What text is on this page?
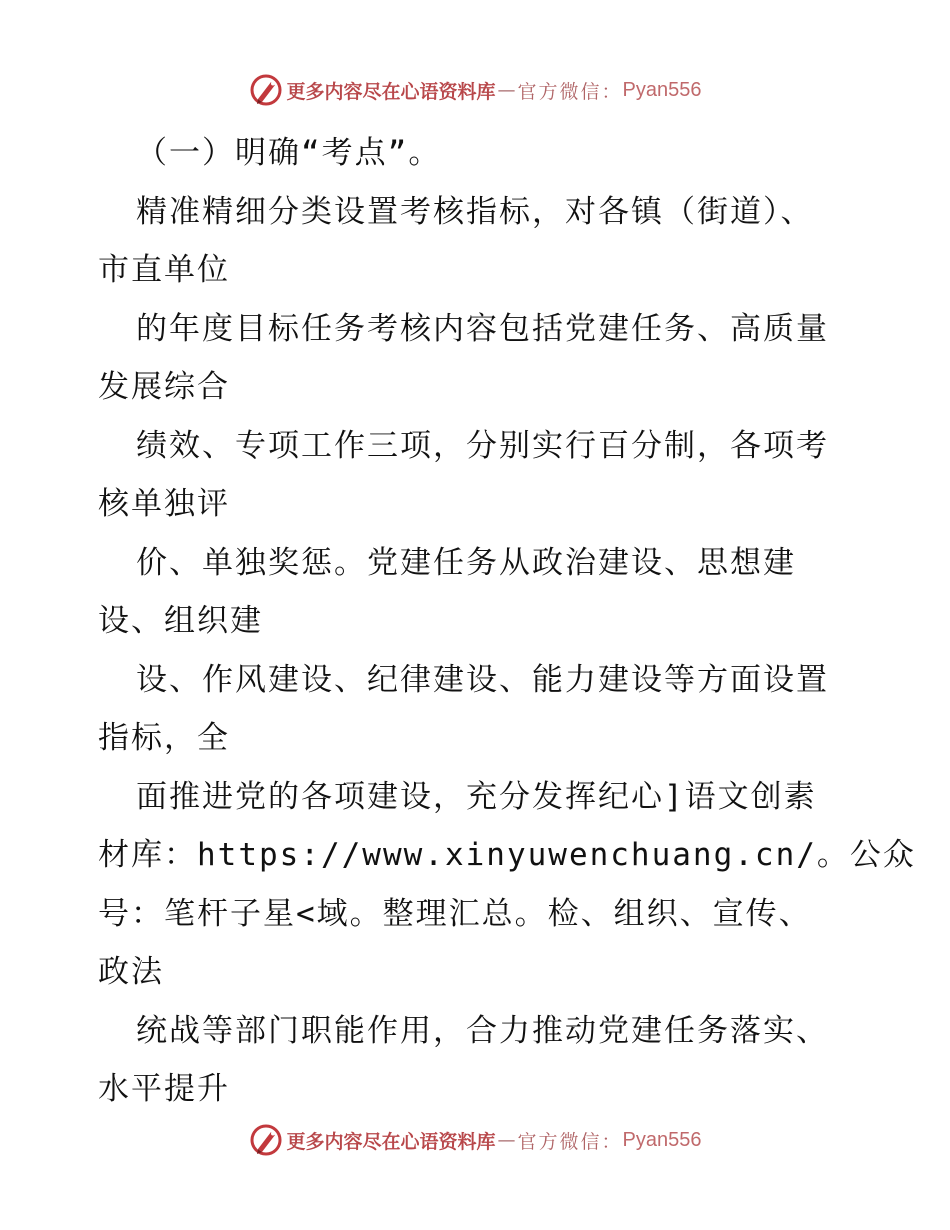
更多内容尽在心语资料库 — 官方微信： Pyan556
（一）明确“考点”。
精准精细分类设置考核指标，对各镇（街道）、
市直单位
的年度目标任务考核内容包括党建任务、高质量
发展综合
绩效、专项工作三项，分别实行百分制，各项考
核单独评
价、单独奖惩。党建任务从政治建设、思想建
设、组织建
设、作风建设、纪律建设、能力建设等方面设置
指标，全
面推进党的各项建设，充分发挥纪心]语文创素
材库：https://www.xinyuwenchuang.cn/。公众
号：笔杆子星<域。整理汇总。检、组织、宣传、
政法
统战等部门职能作用，合力推动党建任务落实、
水平提升
更多内容尽在心语资料库 — 官方微信： Pyan556
